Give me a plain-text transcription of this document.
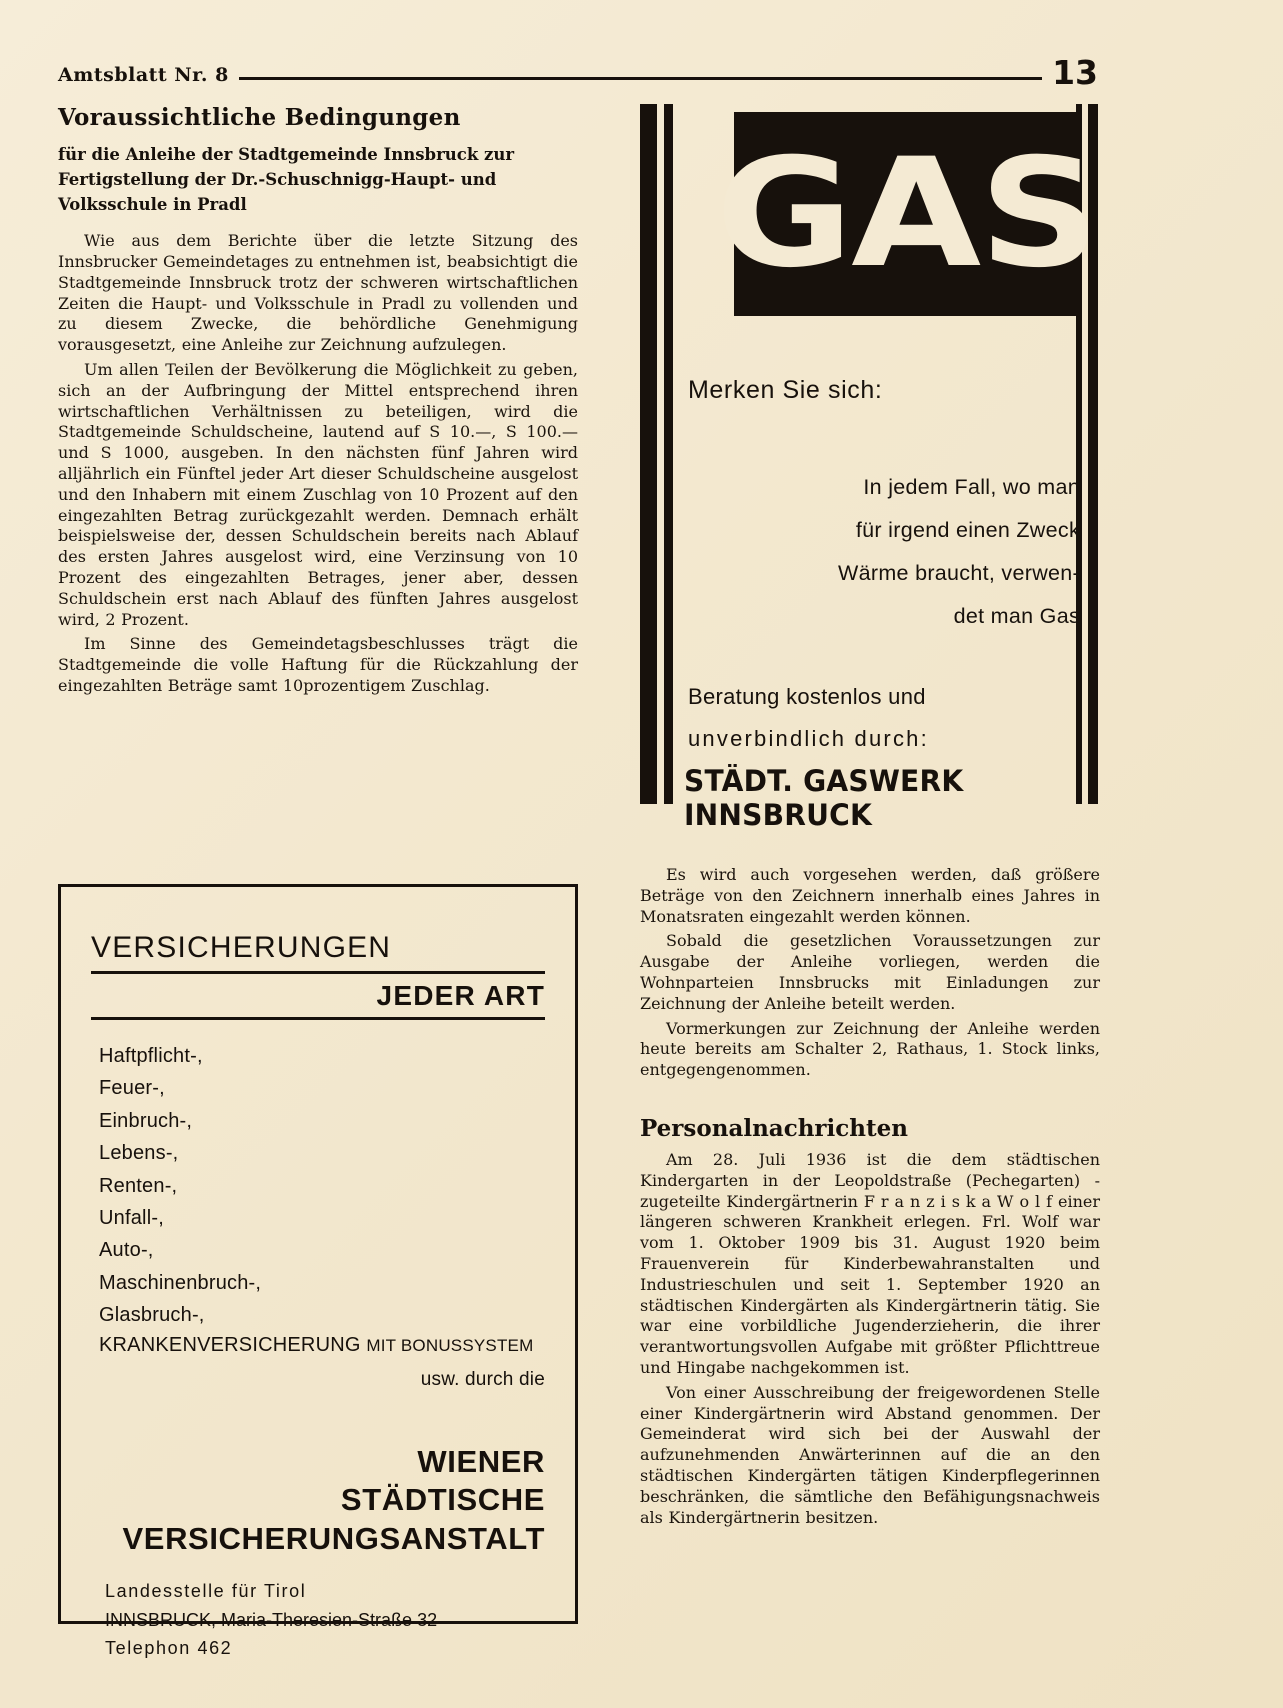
Amtsblatt Nr. 8	13
Voraussichtliche Bedingungen
für die Anleihe der Stadtgemeinde Innsbruck zur Fertigstellung der Dr.-Schuschnigg-Haupt- und Volksschule in Pradl

Wie aus dem Berichte über die letzte Sitzung des Innsbrucker Gemeindetages zu entnehmen ist, beabsichtigt die Stadtgemeinde Innsbruck trotz der schweren wirtschaftlichen Zeiten die Haupt- und Volksschule in Pradl zu vollenden und zu diesem Zwecke, die behördliche Genehmigung vorausgesetzt, eine Anleihe zur Zeichnung aufzulegen.

Um allen Teilen der Bevölkerung die Möglichkeit zu geben, sich an der Aufbringung der Mittel entsprechend ihren wirtschaftlichen Verhältnissen zu beteiligen, wird die Stadtgemeinde Schuldscheine, lautend auf S 10.—, S 100.— und S 1000, ausgeben. In den nächsten fünf Jahren wird alljährlich ein Fünftel jeder Art dieser Schuldscheine ausgelost und den Inhabern mit einem Zuschlag von 10 Prozent auf den eingezahlten Betrag zurückgezahlt werden. Demnach erhält beispielsweise der, dessen Schuldschein bereits nach Ablauf des ersten Jahres ausgelost wird, eine Verzinsung von 10 Prozent des eingezahlten Betrages, jener aber, dessen Schuldschein erst nach Ablauf des fünften Jahres ausgelost wird, 2 Prozent.

Im Sinne des Gemeindetagsbeschlusses trägt die Stadtgemeinde die volle Haftung für die Rückzahlung der eingezahlten Beträge samt 10prozentigem Zuschlag.

GAS
Merken Sie sich:
In jedem Fall, wo man
für irgend einen Zweck
Wärme braucht, verwen-
det man Gas
Beratung kostenlos und
unverbindlich durch:
STÄDT. GASWERK INNSBRUCK

Es wird auch vorgesehen werden, daß größere Beträge von den Zeichnern innerhalb eines Jahres in Monatsraten eingezahlt werden können.

Sobald die gesetzlichen Voraussetzungen zur Ausgabe der Anleihe vorliegen, werden die Wohnparteien Innsbrucks mit Einladungen zur Zeichnung der Anleihe beteilt werden.

Vormerkungen zur Zeichnung der Anleihe werden heute bereits am Schalter 2, Rathaus, 1. Stock links, entgegengenommen.

Personalnachrichten

Am 28. Juli 1936 ist die dem städtischen Kindergarten in der Leopoldstraße (Pechegarten) - zugeteilte Kindergärtnerin F r a n z i s k a W o l f einer längeren schweren Krankheit erlegen. Frl. Wolf war vom 1. Oktober 1909 bis 31. August 1920 beim Frauenverein für Kinderbewahranstalten und Industrieschulen und seit 1. September 1920 an städtischen Kindergärten als Kindergärtnerin tätig. Sie war eine vorbildliche Jugenderzieherin, die ihrer verantwortungsvollen Aufgabe mit größter Pflichttreue und Hingabe nachgekommen ist.

Von einer Ausschreibung der freigewordenen Stelle einer Kindergärtnerin wird Abstand genommen. Der Gemeinderat wird sich bei der Auswahl der aufzunehmenden Anwärterinnen auf die an den städtischen Kindergärten tätigen Kinderpflegerinnen beschränken, die sämtliche den Befähigungsnachweis als Kindergärtnerin besitzen.

VERSICHERUNGEN
JEDER ART
Haftpflicht-,
Feuer-,
Einbruch-,
Lebens-,
Renten-,
Unfall-,
Auto-,
Maschinenbruch-,
Glasbruch-,
KRANKENVERSICHERUNG MIT BONUSSYSTEM
usw. durch die
WIENER
STÄDTISCHE
VERSICHERUNGSANSTALT
Landesstelle für Tirol
INNSBRUCK, Maria-Theresien-Straße 32
Telephon 462
